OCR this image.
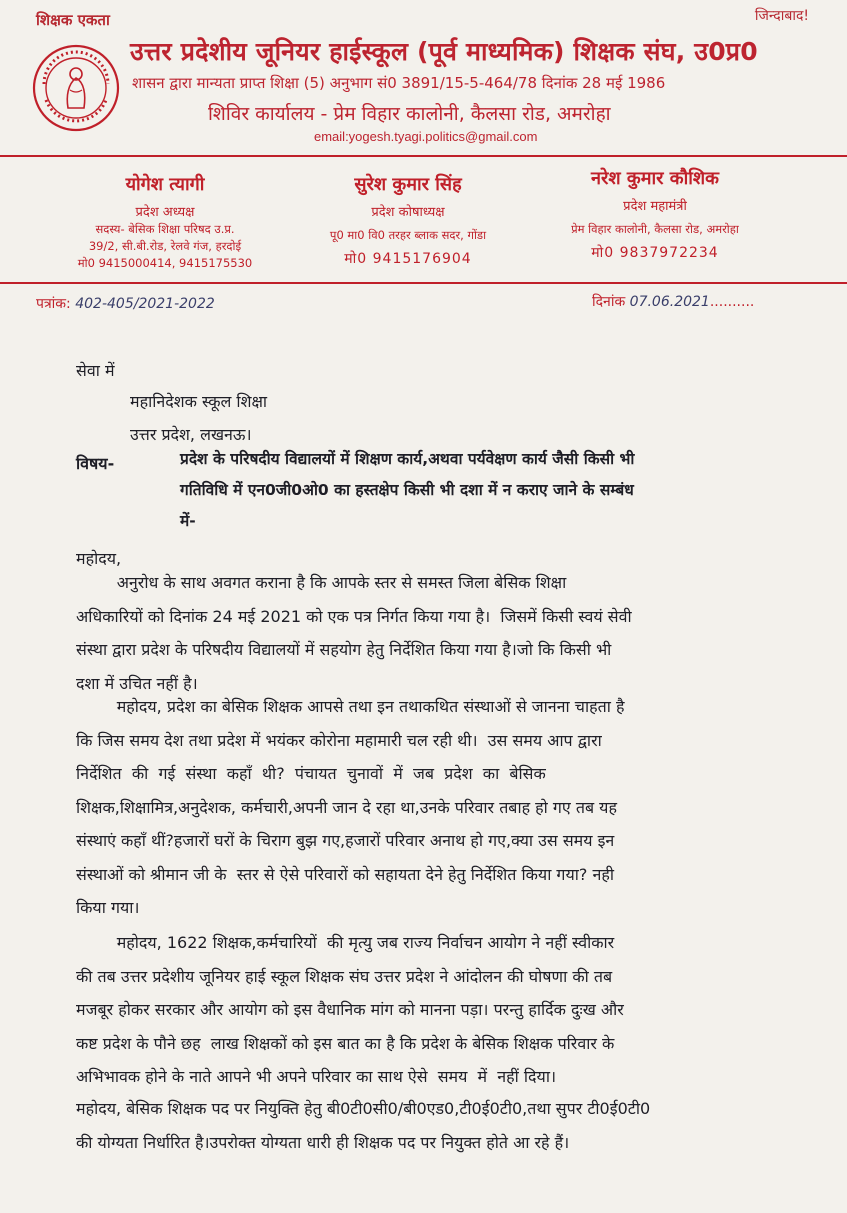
शिक्षक एकता	जिन्दाबाद!
उत्तर प्रदेशीय जूनियर हाईस्कूल (पूर्व माध्यमिक) शिक्षक संघ, उ0प्र0
शासन द्वारा मान्यता प्राप्त शिक्षा (5) अनुभाग सं0 3891/15-5-464/78 दिनांक 28 मई 1986
शिविर कार्यालय - प्रेम विहार कालोनी, कैलसा रोड, अमरोहा
email:yogesh.tyagi.politics@gmail.com
योगेश त्यागी
प्रदेश अध्यक्ष
सदस्य- बेसिक शिक्षा परिषद उ.प्र.
39/2, सी.बी.रोड, रेलवे गंज, हरदोई
मो0 9415000414, 9415175530
सुरेश कुमार सिंह
प्रदेश कोषाध्यक्ष
पू0 मा0 वि0 तरहर ब्लाक सदर, गोंडा
मो0 9415176904
नरेश कुमार कौशिक
प्रदेश महामंत्री
प्रेम विहार कालोनी, कैलसा रोड, अमरोहा
मो0 9837972234
पत्रांक: 402-405/2021-2022	दिनांक 07.06.2021..........
सेवा में
महानिदेशक स्कूल शिक्षा
उत्तर प्रदेश, लखनऊ।
विषय-	प्रदेश के परिषदीय विद्यालयों में शिक्षण कार्य,अथवा पर्यवेक्षण कार्य जैसी किसी भी
गतिविधि में एन0जी0ओ0 का हस्तक्षेप किसी भी दशा में न कराए जाने के सम्बंध
में-
महोदय,
अनुरोध के साथ अवगत कराना है कि आपके स्तर से समस्त जिला बेसिक शिक्षा
अधिकारियों को दिनांक 24 मई 2021 को एक पत्र निर्गत किया गया है।  जिसमें किसी स्वयं सेवी
संस्था द्वारा प्रदेश के परिषदीय विद्यालयों में सहयोग हेतु निर्देशित किया गया है।जो कि किसी भी
दशा में उचित नहीं है।
महोदय, प्रदेश का बेसिक शिक्षक आपसे तथा इन तथाकथित संस्थाओं से जानना चाहता है
कि जिस समय देश तथा प्रदेश में भयंकर कोरोना महामारी चल रही थी।  उस समय आप द्वारा
निर्देशित  की  गई  संस्था  कहाँ  थी?  पंचायत  चुनावों  में  जब  प्रदेश  का  बेसिक
शिक्षक,शिक्षामित्र,अनुदेशक, कर्मचारी,अपनी जान दे रहा था,उनके परिवार तबाह हो गए तब यह
संस्थाएं कहाँ थीं?हजारों घरों के चिराग बुझ गए,हजारों परिवार अनाथ हो गए,क्या उस समय इन
संस्थाओं को श्रीमान जी के  स्तर से ऐसे परिवारों को सहायता देने हेतु निर्देशित किया गया? नही
किया गया।
महोदय, 1622 शिक्षक,कर्मचारियों  की मृत्यु जब राज्य निर्वाचन आयोग ने नहीं स्वीकार
की तब उत्तर प्रदेशीय जूनियर हाई स्कूल शिक्षक संघ उत्तर प्रदेश ने आंदोलन की घोषणा की तब
मजबूर होकर सरकार और आयोग को इस वैधानिक मांग को मानना पड़ा। परन्तु हार्दिक दुःख और
कष्ट प्रदेश के पौने छह  लाख शिक्षकों को इस बात का है कि प्रदेश के बेसिक शिक्षक परिवार के
अभिभावक होने के नाते आपने भी अपने परिवार का साथ ऐसे  समय  में  नहीं दिया।
महोदय, बेसिक शिक्षक पद पर नियुक्ति हेतु बी0टी0सी0/बी0एड0,टी0ई0टी0,तथा सुपर टी0ई0टी0
की योग्यता निर्धारित है।उपरोक्त योग्यता धारी ही शिक्षक पद पर नियुक्त होते आ रहे हैं।
